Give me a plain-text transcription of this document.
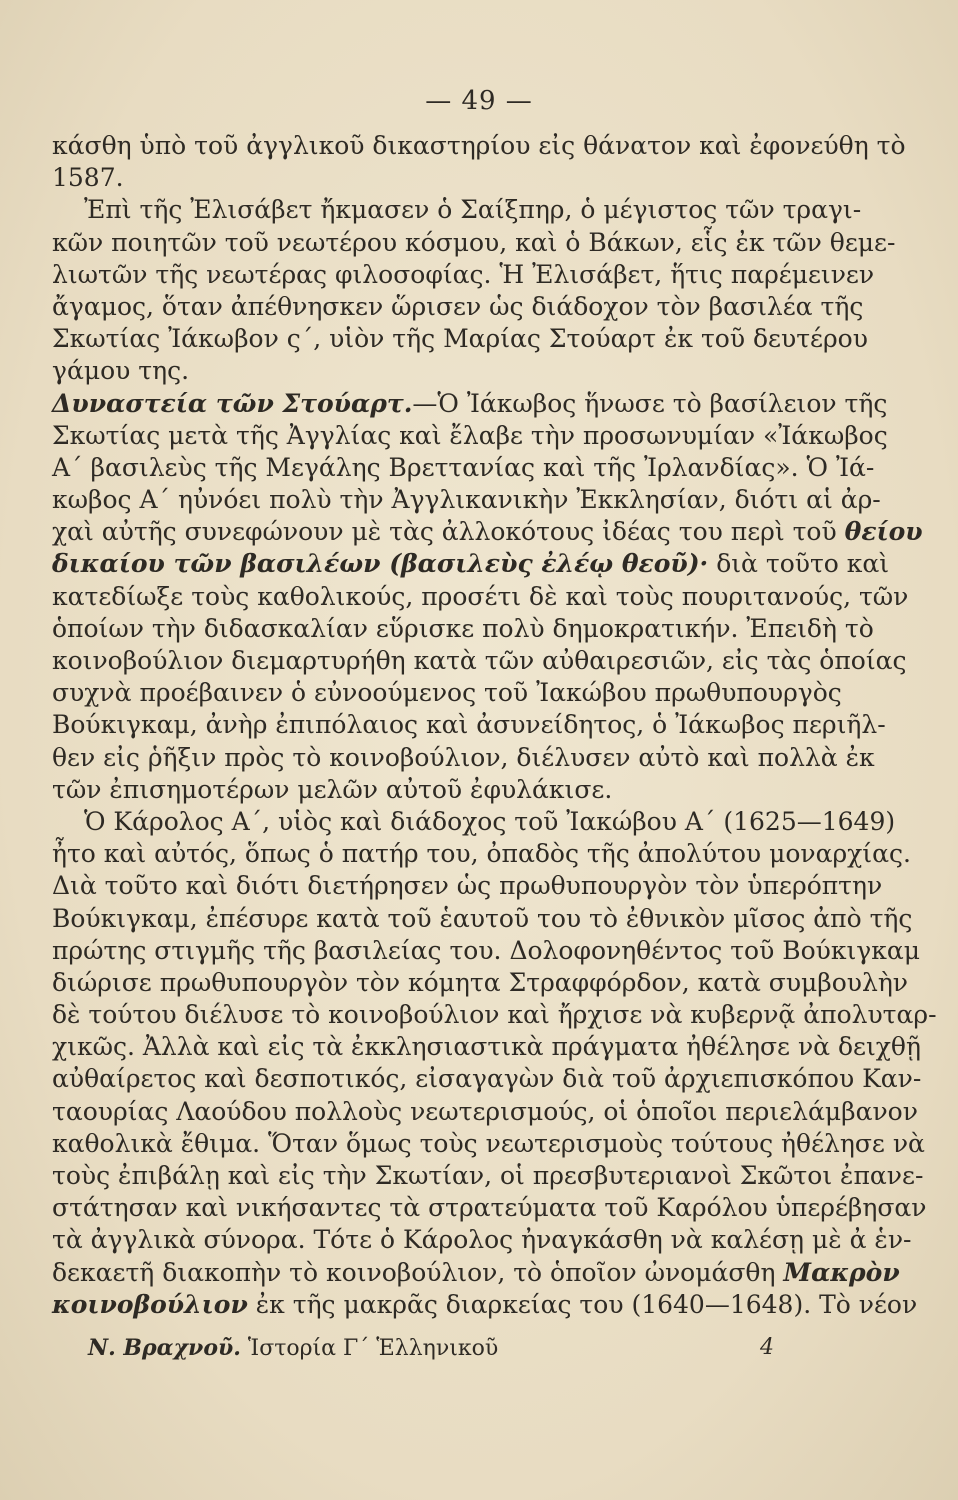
— 49 —
κάσθη ὑπὸ τοῦ ἀγγλικοῦ δικαστηρίου εἰς θάνατον καὶ ἐφονεύθη τὸ
1587.
Ἐπὶ τῆς Ἐλισάβετ ἤκμασεν ὁ Σαίξπηρ, ὁ μέγιστος τῶν τραγι-
κῶν ποιητῶν τοῦ νεωτέρου κόσμου, καὶ ὁ Βάκων, εἷς ἐκ τῶν θεμε-
λιωτῶν τῆς νεωτέρας φιλοσοφίας. Ἡ Ἐλισάβετ, ἥτις παρέμεινεν
ἄγαμος, ὅταν ἀπέθνησκεν ὥρισεν ὡς διάδοχον τὸν βασιλέα τῆς
Σκωτίας Ἰάκωβον ς΄, υἱὸν τῆς Μαρίας Στούαρτ ἐκ τοῦ δευτέρου
γάμου της.
Δυναστεία τῶν Στούαρτ.—Ὁ Ἰάκωβος ἥνωσε τὸ βασίλειον τῆς
Σκωτίας μετὰ τῆς Ἀγγλίας καὶ ἔλαβε τὴν προσωνυμίαν «Ἰάκωβος
Α΄ βασιλεὺς τῆς Μεγάλης Βρεττανίας καὶ τῆς Ἰρλανδίας». Ὁ Ἰά-
κωβος Α΄ ηὐνόει πολὺ τὴν Ἀγγλικανικὴν Ἐκκλησίαν, διότι αἱ ἀρ-
χαὶ αὐτῆς συνεφώνουν μὲ τὰς ἀλλοκότους ἰδέας του περὶ τοῦ θείου
δικαίου τῶν βασιλέων (βασιλεὺς ἐλέῳ θεοῦ)· διὰ τοῦτο καὶ
κατεδίωξε τοὺς καθολικούς, προσέτι δὲ καὶ τοὺς πουριτανούς, τῶν
ὁποίων τὴν διδασκαλίαν εὕρισκε πολὺ δημοκρατικήν. Ἐπειδὴ τὸ
κοινοβούλιον διεμαρτυρήθη κατὰ τῶν αὐθαιρεσιῶν, εἰς τὰς ὁποίας
συχνὰ προέβαινεν ὁ εὐνοούμενος τοῦ Ἰακώβου πρωθυπουργὸς
Βούκιγκαμ, ἀνὴρ ἐπιπόλαιος καὶ ἀσυνείδητος, ὁ Ἰάκωβος περιῆλ-
θεν εἰς ῥῆξιν πρὸς τὸ κοινοβούλιον, διέλυσεν αὐτὸ καὶ πολλὰ ἐκ
τῶν ἐπισημοτέρων μελῶν αὐτοῦ ἐφυλάκισε.
Ὁ Κάρολος Α΄, υἱὸς καὶ διάδοχος τοῦ Ἰακώβου Α΄ (1625—1649)
ἦτο καὶ αὐτός, ὅπως ὁ πατήρ του, ὀπαδὸς τῆς ἀπολύτου μοναρχίας.
Διὰ τοῦτο καὶ διότι διετήρησεν ὡς πρωθυπουργὸν τὸν ὑπερόπτην
Βούκιγκαμ, ἐπέσυρε κατὰ τοῦ ἑαυτοῦ του τὸ ἐθνικὸν μῖσος ἀπὸ τῆς
πρώτης στιγμῆς τῆς βασιλείας του. Δολοφονηθέντος τοῦ Βούκιγκαμ
διώρισε πρωθυπουργὸν τὸν κόμητα Στραφφόρδον, κατὰ συμβουλὴν
δὲ τούτου διέλυσε τὸ κοινοβούλιον καὶ ἤρχισε νὰ κυβερνᾷ ἀπολυταρ-
χικῶς. Ἀλλὰ καὶ εἰς τὰ ἐκκλησιαστικὰ πράγματα ἠθέλησε νὰ δειχθῇ
αὐθαίρετος καὶ δεσποτικός, εἰσαγαγὼν διὰ τοῦ ἀρχιεπισκόπου Καν-
ταουρίας Λαούδου πολλοὺς νεωτερισμούς, οἱ ὁποῖοι περιελάμβανον
καθολικὰ ἔθιμα. Ὅταν ὅμως τοὺς νεωτερισμοὺς τούτους ἠθέλησε νὰ
τοὺς ἐπιβάλῃ καὶ εἰς τὴν Σκωτίαν, οἱ πρεσβυτεριανοὶ Σκῶτοι ἐπανε-
στάτησαν καὶ νικήσαντες τὰ στρατεύματα τοῦ Καρόλου ὑπερέβησαν
τὰ ἀγγλικὰ σύνορα. Τότε ὁ Κάρολος ἠναγκάσθη νὰ καλέσῃ μὲ ἀ ἑν-
δεκαετῆ διακοπὴν τὸ κοινοβούλιον, τὸ ὁποῖον ὠνομάσθη Μακρὸν
κοινοβούλιον ἐκ τῆς μακρᾶς διαρκείας του (1640—1648). Τὸ νέον
Ν. Βραχνοῦ. Ἱστορία Γ΄ Ἑλληνικοῦ	4
